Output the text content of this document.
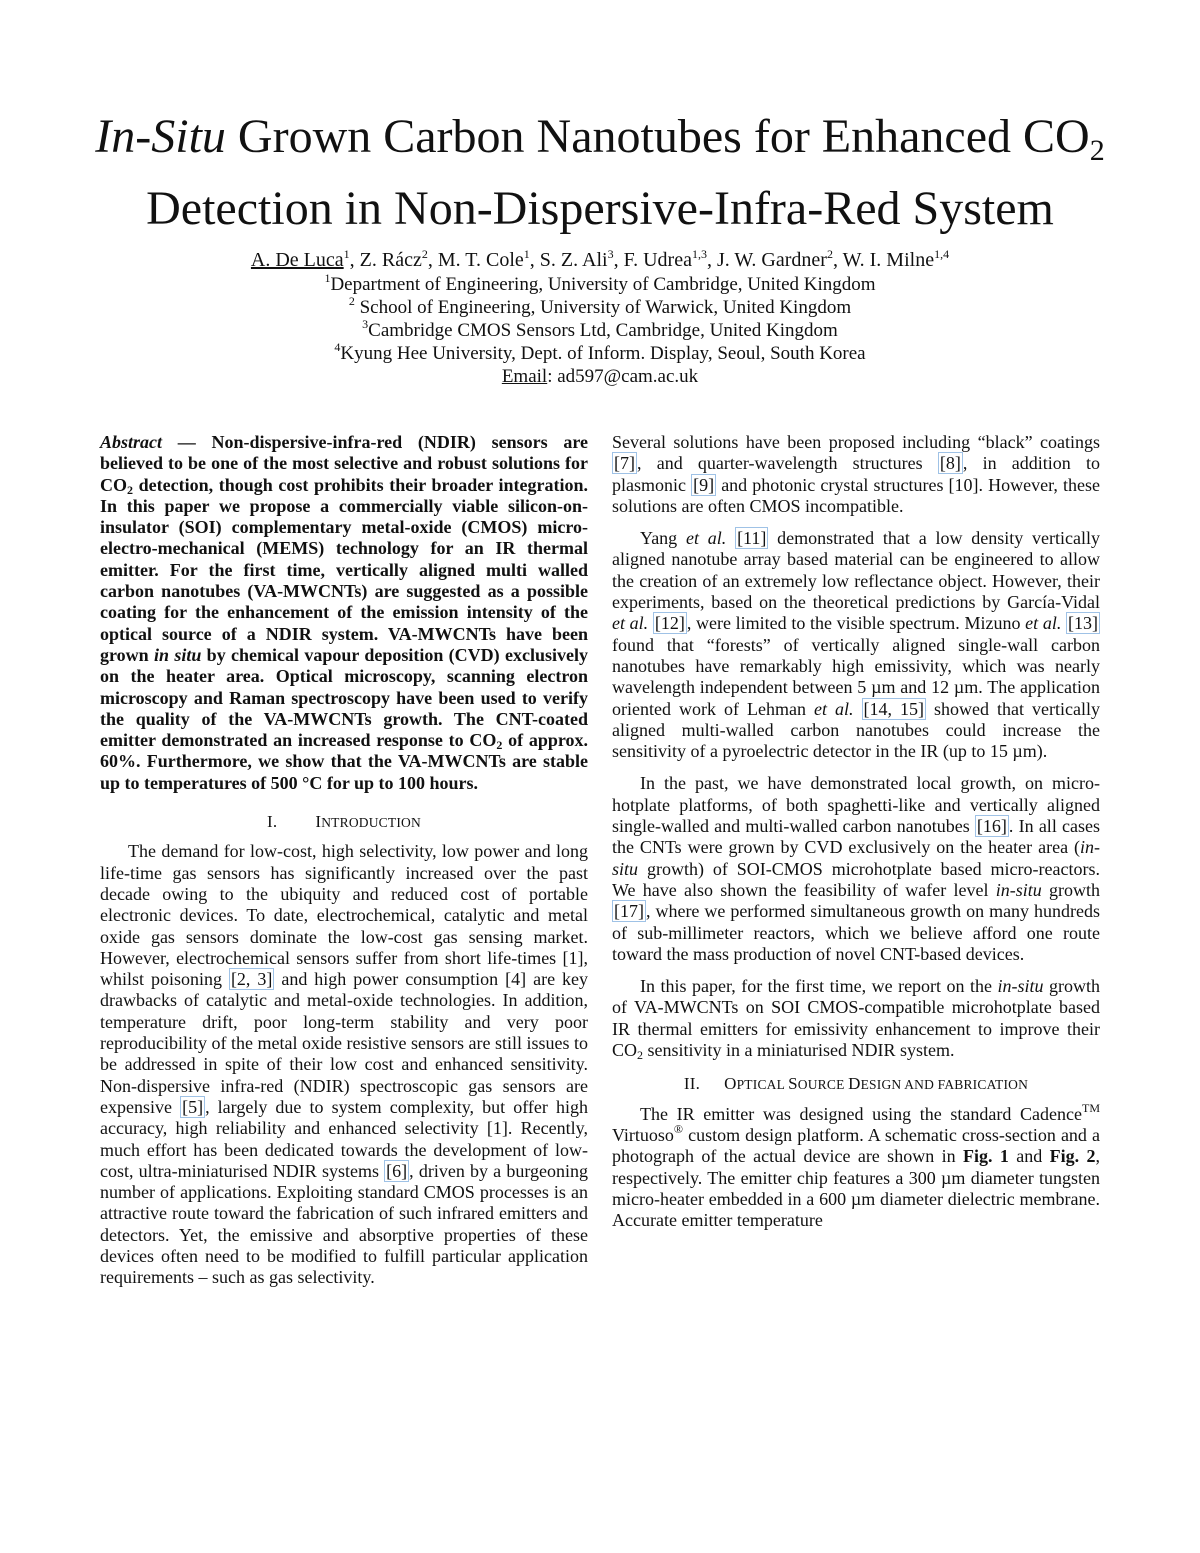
In-Situ Grown Carbon Nanotubes for Enhanced $CO_2$
Detection in Non-Dispersive-Infra-Red System
A. De Luca$^1$, Z. Rácz$^2$, M. T. Cole$^1$, S. Z. Ali$^3$, F. Udrea$^{1,3}$, J. W. Gardner$^2$, W. I. Milne$^{1,4}$
$^1$Department of Engineering, University of Cambridge, United Kingdom
$^2$ School of Engineering, University of Warwick, United Kingdom
$^3$Cambridge CMOS Sensors Ltd, Cambridge, United Kingdom
$^4$Kyung Hee University, Dept. of Inform. Display, Seoul, South Korea
Email: ad597@cam.ac.uk

Abstract — Non-dispersive-infra-red (NDIR) sensors are believed to be one of the most selective and robust solutions for CO2 detection, though cost prohibits their broader integration. In this paper we propose a commercially viable silicon-on-insulator (SOI) complementary metal-oxide (CMOS) micro-electro-mechanical (MEMS) technology for an IR thermal emitter. For the first time, vertically aligned multi walled carbon nanotubes (VA-MWCNTs) are suggested as a possible coating for the enhancement of the emission intensity of the optical source of a NDIR system. VA-MWCNTs have been grown in situ by chemical vapour deposition (CVD) exclusively on the heater area. Optical microscopy, scanning electron microscopy and Raman spectroscopy have been used to verify the quality of the VA-MWCNTs growth. The CNT-coated emitter demonstrated an increased response to CO2 of approx. 60%. Furthermore, we show that the VA-MWCNTs are stable up to temperatures of 500 °C for up to 100 hours.

I. INTRODUCTION

The demand for low-cost, high selectivity, low power and long life-time gas sensors has significantly increased over the past decade owing to the ubiquity and reduced cost of portable electronic devices. To date, electrochemical, catalytic and metal oxide gas sensors dominate the low-cost gas sensing market. However, electrochemical sensors suffer from short life-times [1], whilst poisoning [2, 3] and high power consumption [4] are key drawbacks of catalytic and metal-oxide technologies. In addition, temperature drift, poor long-term stability and very poor reproducibility of the metal oxide resistive sensors are still issues to be addressed in spite of their low cost and enhanced sensitivity. Non-dispersive infra-red (NDIR) spectroscopic gas sensors are expensive [5] , largely due to system complexity, but offer high accuracy, high reliability and enhanced selectivity [1]. Recently, much effort has been dedicated towards the development of low-cost, ultra-miniaturised NDIR systems [6] , driven by a burgeoning number of applications. Exploiting standard CMOS processes is an attractive route toward the fabrication of such infrared emitters and detectors. Yet, the emissive and absorptive properties of these devices often need to be modified to fulfill particular application requirements – such as gas selectivity.

Several solutions have been proposed including “black” coatings [7] , and quarter-wavelength structures [8] , in addition to plasmonic [9] and photonic crystal structures [10]. However, these solutions are often CMOS incompatible.

Yang et al. [11] demonstrated that a low density vertically aligned nanotube array based material can be engineered to allow the creation of an extremely low reflectance object. However, their experiments, based on the theoretical predictions by García-Vidal et al. [12] , were limited to the visible spectrum. Mizuno et al. [13] found that “forests” of vertically aligned single-wall carbon nanotubes have remarkably high emissivity, which was nearly wavelength independent between 5 µm and 12 µm. The application oriented work of Lehman et al. [14, 15] showed that vertically aligned multi-walled carbon nanotubes could increase the sensitivity of a pyroelectric detector in the IR (up to 15 µm).

In the past, we have demonstrated local growth, on micro-hotplate platforms, of both spaghetti-like and vertically aligned single-walled and multi-walled carbon nanotubes [16] . In all cases the CNTs were grown by CVD exclusively on the heater area (in-situ growth) of SOI-CMOS microhotplate based micro-reactors. We have also shown the feasibility of wafer level in-situ growth [17] , where we performed simultaneous growth on many hundreds of sub-millimeter reactors, which we believe afford one route toward the mass production of novel CNT-based devices.

In this paper, for the first time, we report on the in-situ growth of VA-MWCNTs on SOI CMOS-compatible microhotplate based IR thermal emitters for emissivity enhancement to improve their CO2 sensitivity in a miniaturised NDIR system.

II. OPTICAL SOURCE DESIGN AND FABRICATION

The IR emitter was designed using the standard Cadence™ Virtuoso® custom design platform. A schematic cross-section and a photograph of the actual device are shown in Fig. 1 and Fig. 2, respectively. The emitter chip features a 300 µm diameter tungsten micro-heater embedded in a 600 µm diameter dielectric membrane. Accurate emitter temperature
